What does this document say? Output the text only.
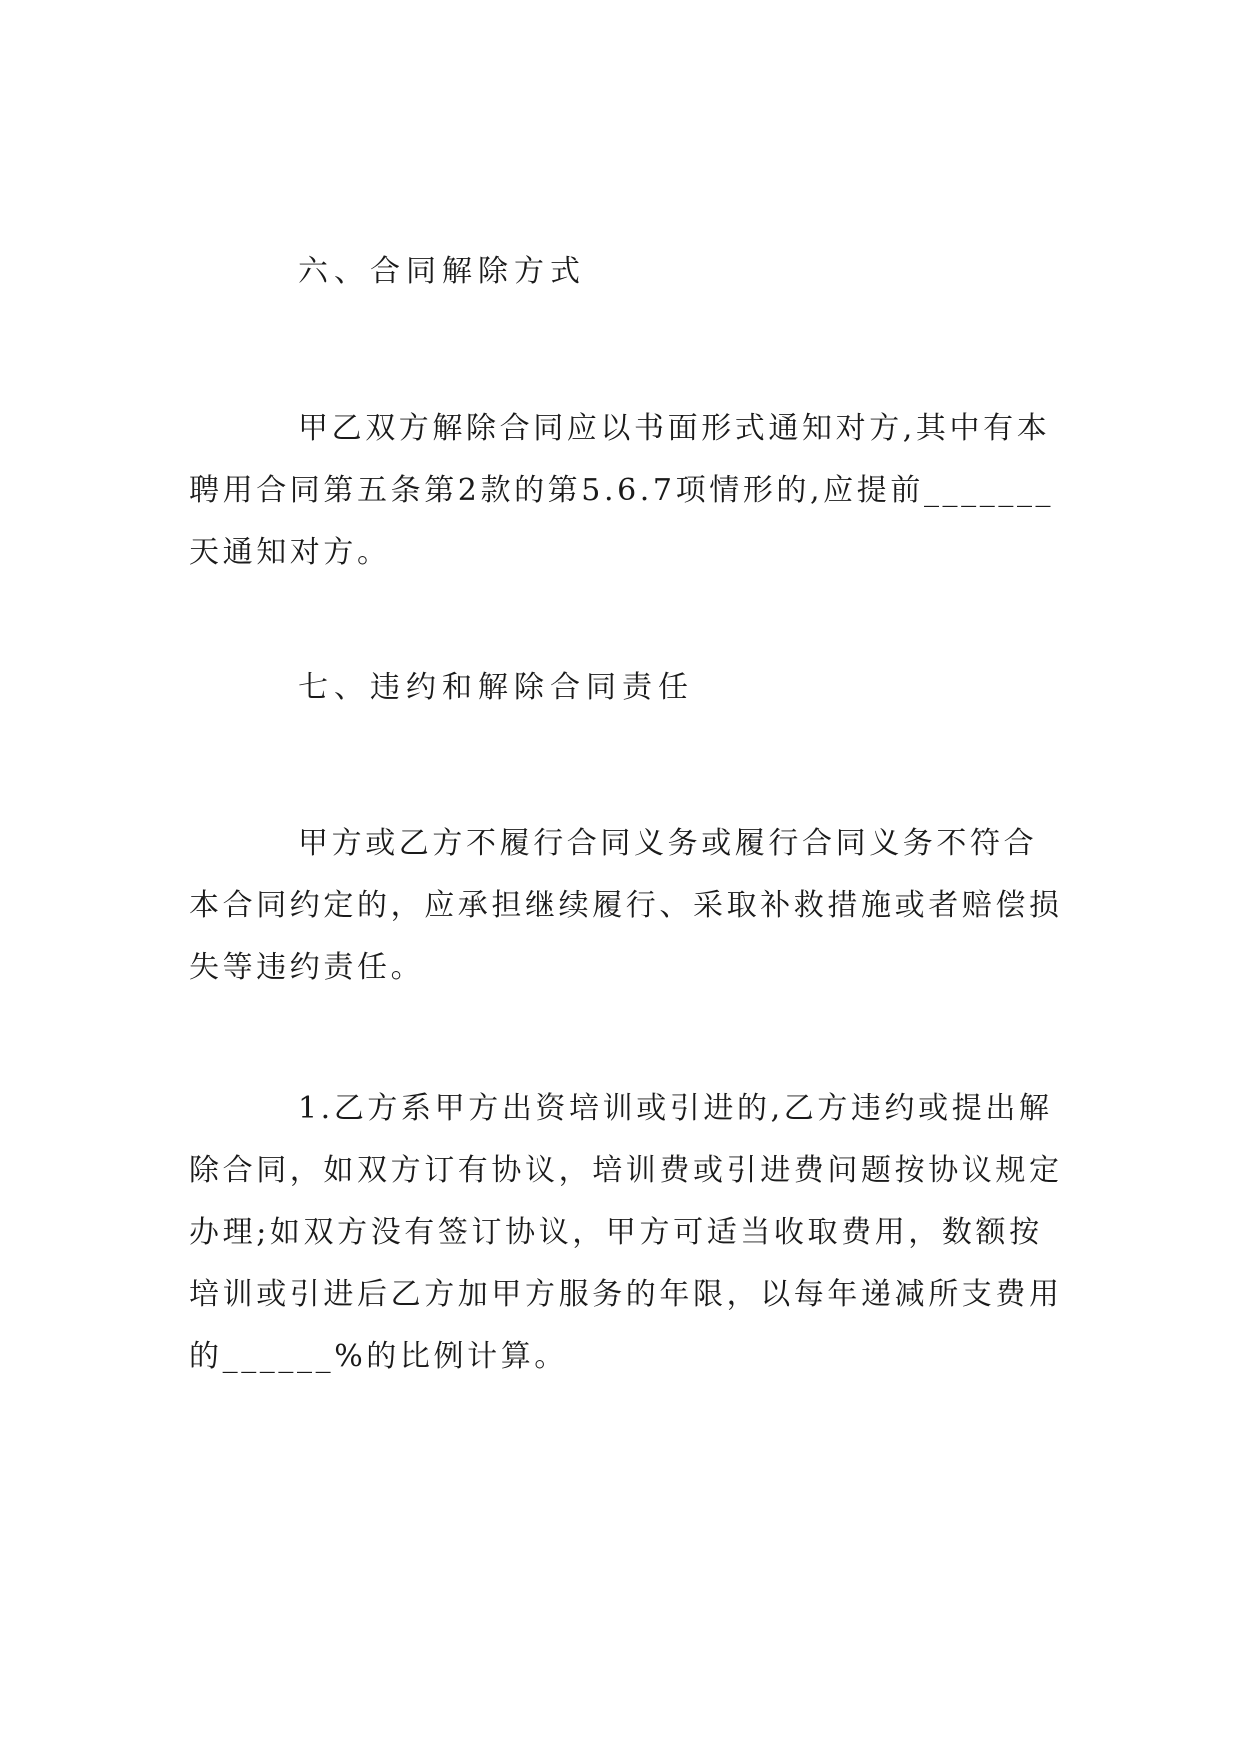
六、合同解除方式
甲乙双方解除合同应以书面形式通知对方,其中有本
聘用合同第五条第2款的第5.6.7项情形的,应提前_______
天通知对方。
七、违约和解除合同责任
甲方或乙方不履行合同义务或履行合同义务不符合
本合同约定的，应承担继续履行、采取补救措施或者赔偿损
失等违约责任。
1.乙方系甲方出资培训或引进的,乙方违约或提出解
除合同，如双方订有协议，培训费或引进费问题按协议规定
办理;如双方没有签订协议，甲方可适当收取费用，数额按
培训或引进后乙方加甲方服务的年限，以每年递减所支费用
的______%的比例计算。
